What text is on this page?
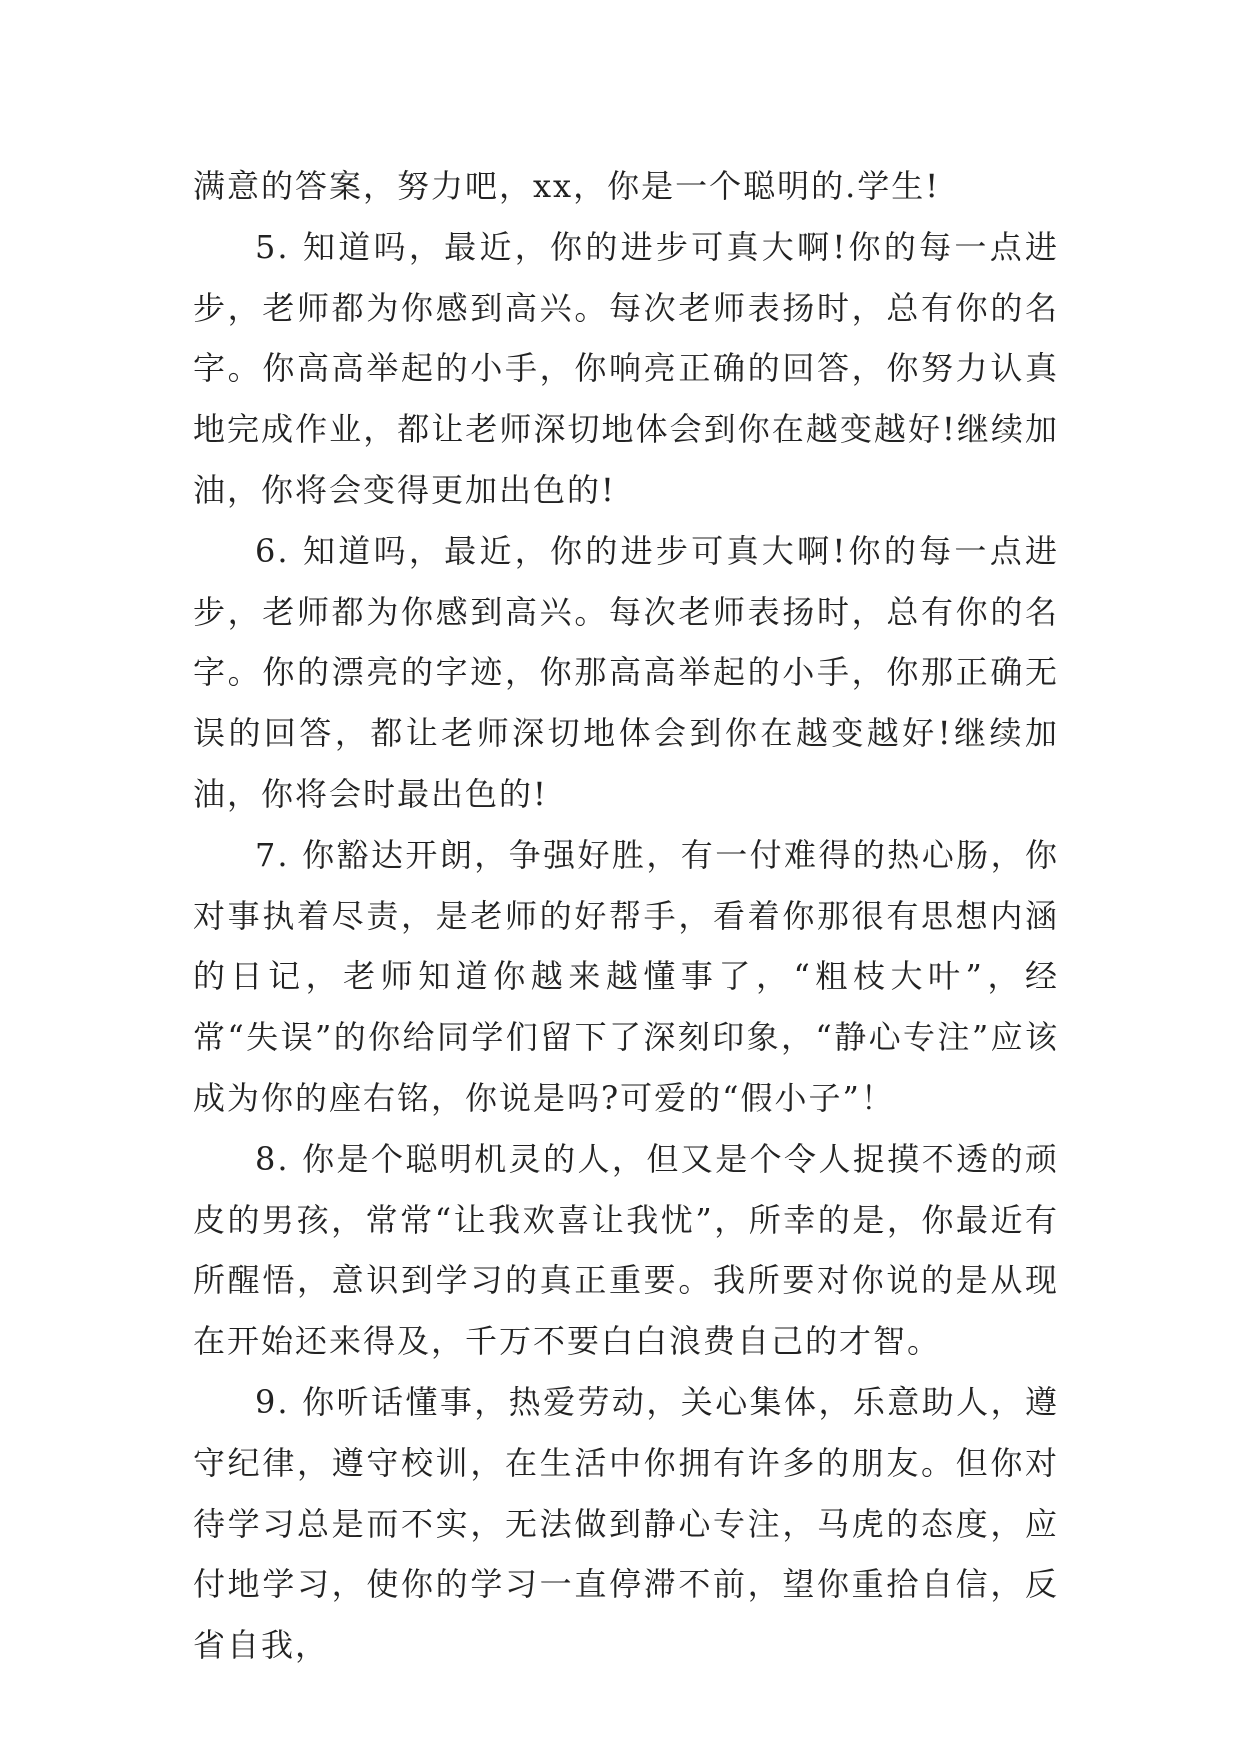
满意的答案，努力吧，xx，你是一个聪明的.学生!

5. 知道吗，最近，你的进步可真大啊!你的每一点进步，老师都为你感到高兴。每次老师表扬时，总有你的名字。你高高举起的小手，你响亮正确的回答，你努力认真地完成作业，都让老师深切地体会到你在越变越好!继续加油，你将会变得更加出色的!

6. 知道吗，最近，你的进步可真大啊!你的每一点进步，老师都为你感到高兴。每次老师表扬时，总有你的名字。你的漂亮的字迹，你那高高举起的小手，你那正确无误的回答，都让老师深切地体会到你在越变越好!继续加油，你将会时最出色的!

7. 你豁达开朗，争强好胜，有一付难得的热心肠，你对事执着尽责，是老师的好帮手，看着你那很有思想内涵的日记，老师知道你越来越懂事了，“粗枝大叶”，经常“失误”的你给同学们留下了深刻印象，“静心专注”应该成为你的座右铭，你说是吗?可爱的“假小子”！

8. 你是个聪明机灵的人，但又是个令人捉摸不透的顽皮的男孩，常常“让我欢喜让我忧”，所幸的是，你最近有所醒悟，意识到学习的真正重要。我所要对你说的是从现在开始还来得及，千万不要白白浪费自己的才智。

9. 你听话懂事，热爱劳动，关心集体，乐意助人，遵守纪律，遵守校训，在生活中你拥有许多的朋友。但你对待学习总是而不实，无法做到静心专注，马虎的态度，应付地学习，使你的学习一直停滞不前，望你重拾自信，反省自我，
